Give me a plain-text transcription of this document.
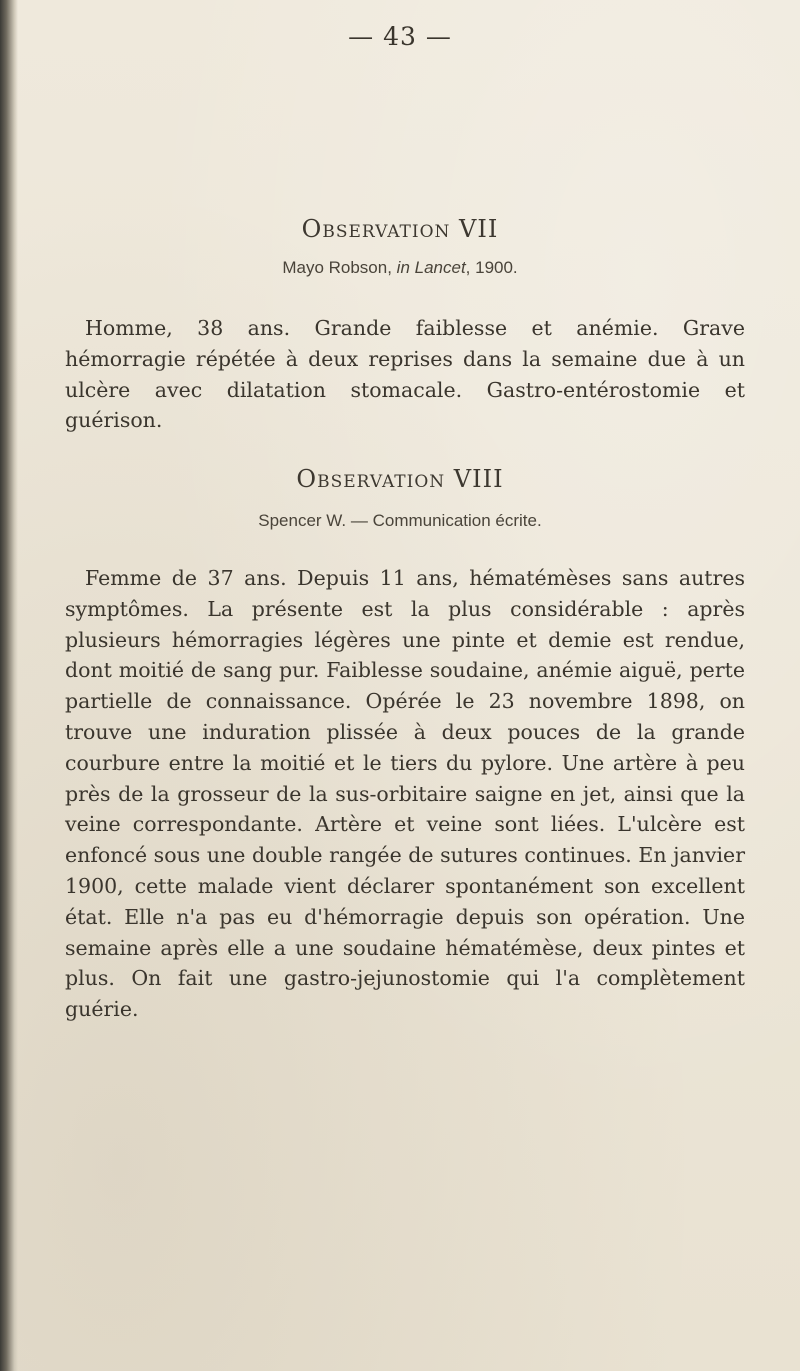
— 43 —
Observation VII
Mayo Robson, in Lancet, 1900.
Homme, 38 ans. Grande faiblesse et anémie. Grave hémorragie répétée à deux reprises dans la semaine due à un ulcère avec dilatation stomacale. Gastro-entérostomie et guérison.
Observation VIII
Spencer W. — Communication écrite.
Femme de 37 ans. Depuis 11 ans, hématémèses sans autres symptômes. La présente est la plus considérable : après plusieurs hémorragies légères une pinte et demie est rendue, dont moitié de sang pur. Faiblesse soudaine, anémie aiguë, perte partielle de connaissance. Opérée le 23 novembre 1898, on trouve une induration plissée à deux pouces de la grande courbure entre la moitié et le tiers du pylore. Une artère à peu près de la grosseur de la sus-orbitaire saigne en jet, ainsi que la veine correspondante. Artère et veine sont liées. L'ulcère est enfoncé sous une double rangée de sutures continues. En janvier 1900, cette malade vient déclarer spontanément son excellent état. Elle n'a pas eu d'hémorragie depuis son opération. Une semaine après elle a une soudaine hématémèse, deux pintes et plus. On fait une gastro-jejunostomie qui l'a complètement guérie.
